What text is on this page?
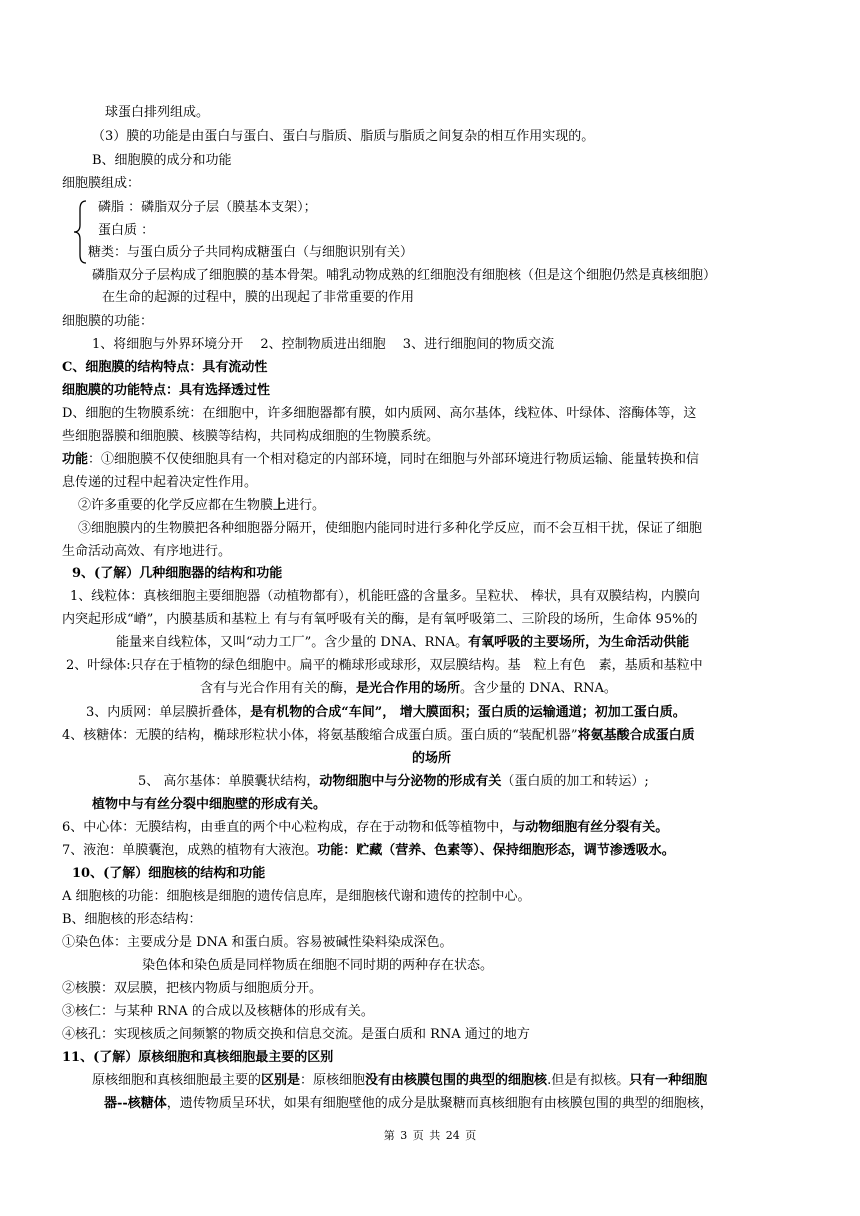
球蛋白排列组成。
（3）膜的功能是由蛋白与蛋白、蛋白与脂质、脂质与脂质之间复杂的相互作用实现的。
B、细胞膜的成分和功能
细胞膜组成：
磷脂 ：磷脂双分子层（膜基本支架）；
蛋白质 ：
糖类：与蛋白质分子共同构成糖蛋白（与细胞识别有关）
磷脂双分子层构成了细胞膜的基本骨架。哺乳动物成熟的红细胞没有细胞核（但是这个细胞仍然是真核细胞）
在生命的起源的过程中，膜的出现起了非常重要的作用
细胞膜的功能：
1、将细胞与外界环境分开　 2、控制物质进出细胞　 3、进行细胞间的物质交流
C、细胞膜的结构特点：具有流动性
细胞膜的功能特点：具有选择透过性
D、细胞的生物膜系统：在细胞中，许多细胞器都有膜，如内质网、高尔基体，线粒体、叶绿体、溶酶体等，这
些细胞器膜和细胞膜、核膜等结构，共同构成细胞的生物膜系统。
功能：①细胞膜不仅使细胞具有一个相对稳定的内部环境，同时在细胞与外部环境进行物质运输、能量转换和信
息传递的过程中起着决定性作用。
②许多重要的化学反应都在生物膜上进行。
③细胞膜内的生物膜把各种细胞器分隔开，使细胞内能同时进行多种化学反应，而不会互相干扰，保证了细胞
生命活动高效、有序地进行。
9、(了解）几种细胞器的结构和功能
1、线粒体：真核细胞主要细胞器（动植物都有），机能旺盛的含量多。呈粒状、 棒状，具有双膜结构，内膜向
内突起形成“嵴”，内膜基质和基粒上 有与有氧呼吸有关的酶，是有氧呼吸第二、三阶段的场所，生命体 95%的
能量来自线粒体，又叫“动力工厂”。含少量的 DNA、RNA。有氧呼吸的主要场所，为生命活动供能
2、叶绿体:只存在于植物的绿色细胞中。扁平的椭球形或球形，双层膜结构。基　粒上有色　素，基质和基粒中
含有与光合作用有关的酶，是光合作用的场所。含少量的 DNA、RNA。
3、内质网：单层膜折叠体，是有机物的合成“车间”， 增大膜面积；蛋白质的运输通道；初加工蛋白质。
4、核糖体：无膜的结构，椭球形粒状小体，将氨基酸缩合成蛋白质。蛋白质的“装配机器”将氨基酸合成蛋白质
的场所
5、 高尔基体：单膜囊状结构，动物细胞中与分泌物的形成有关（蛋白质的加工和转运）;
植物中与有丝分裂中细胞壁的形成有关。
6、中心体：无膜结构，由垂直的两个中心粒构成，存在于动物和低等植物中，与动物细胞有丝分裂有关。
7、液泡：单膜囊泡，成熟的植物有大液泡。功能：贮藏（营养、色素等）、保持细胞形态，调节渗透吸水。
10、(了解）细胞核的结构和功能
A 细胞核的功能：细胞核是细胞的遗传信息库，是细胞核代谢和遗传的控制中心。
B、细胞核的形态结构：
①染色体：主要成分是 DNA 和蛋白质。容易被碱性染料染成深色。
染色体和染色质是同样物质在细胞不同时期的两种存在状态。
②核膜：双层膜，把核内物质与细胞质分开。
③核仁：与某种 RNA 的合成以及核糖体的形成有关。
④核孔：实现核质之间频繁的物质交换和信息交流。是蛋白质和 RNA 通过的地方
11、(了解）原核细胞和真核细胞最主要的区别
原核细胞和真核细胞最主要的区别是：原核细胞没有由核膜包围的典型的细胞核.但是有拟核。只有一种细胞
器--核糖体，遗传物质呈环状，如果有细胞壁他的成分是肽聚糖而真核细胞有由核膜包围的典型的细胞核，
第 3 页 共 24 页
